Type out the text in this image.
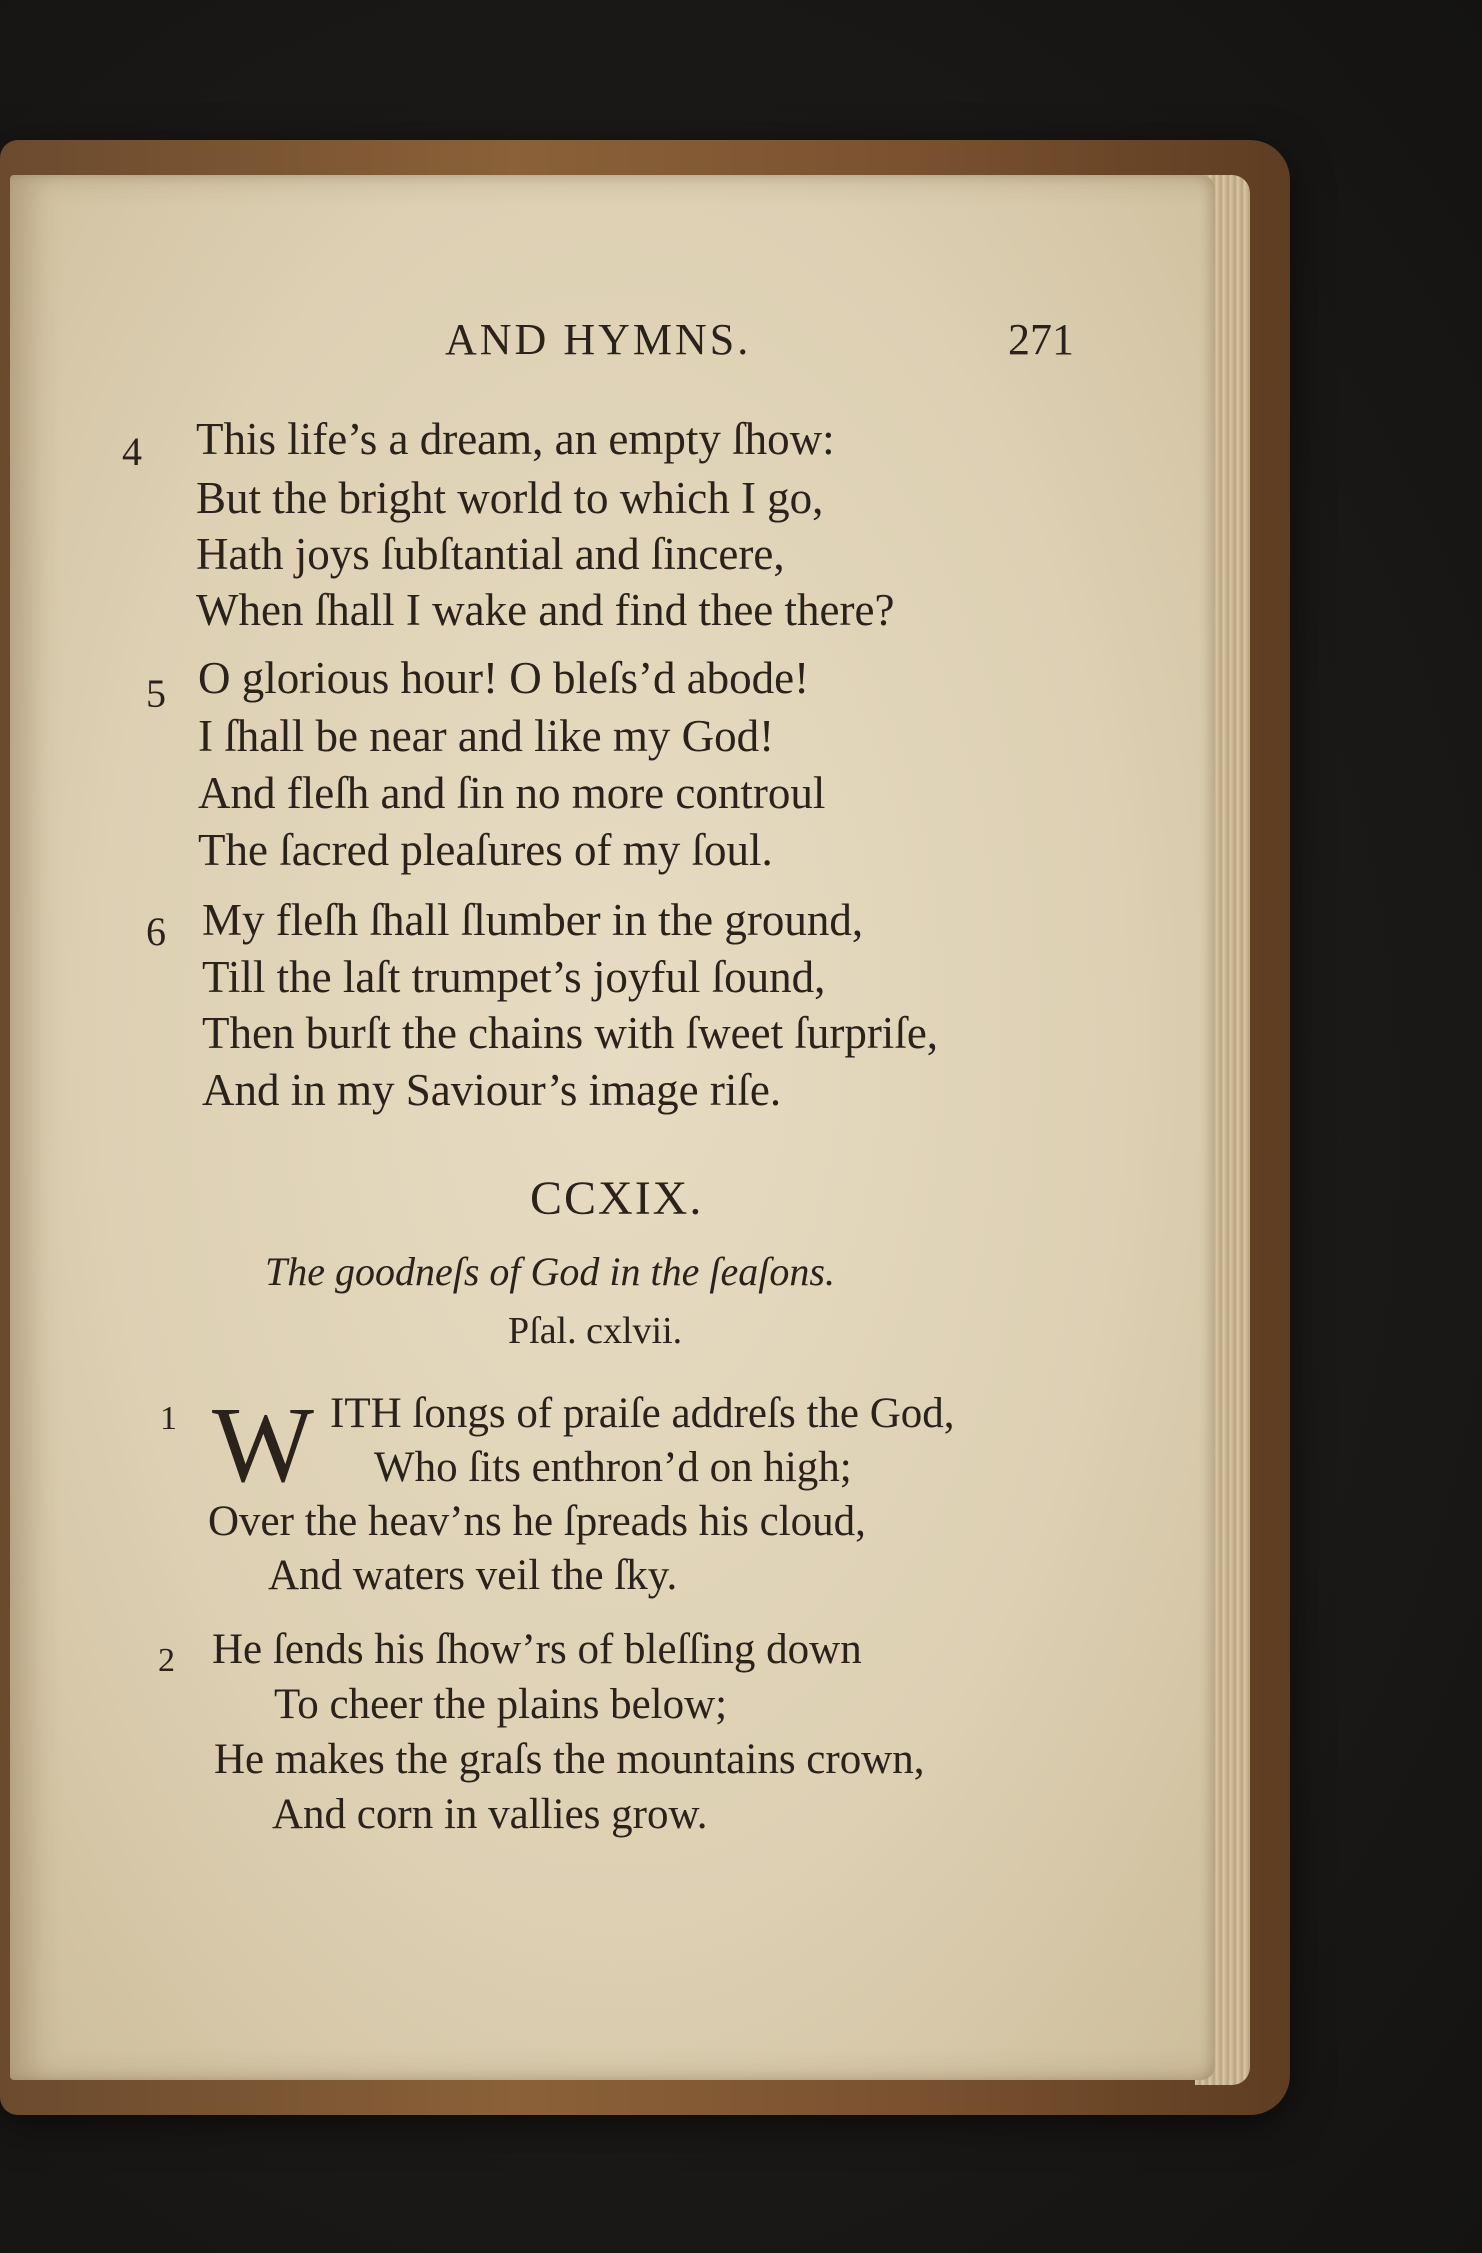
AND HYMNS.	271
4 This life’s a dream, an empty ſhow:
But the bright world to which I go,
Hath joys ſubſtantial and ſincere,
When ſhall I wake and find thee there?
5 O glorious hour! O bleſs’d abode!
I ſhall be near and like my God!
And fleſh and ſin no more controul
The ſacred pleaſures of my ſoul.
6 My fleſh ſhall ſlumber in the ground,
Till the laſt trumpet’s joyful ſound,
Then burſt the chains with ſweet ſurpriſe,
And in my Saviour’s image riſe.
CCXIX.
The goodneſs of God in the ſeaſons.
Pſal. cxlvii.
1 W ITH ſongs of praiſe addreſs the God,
Who ſits enthron’d on high;
Over the heav’ns he ſpreads his cloud,
And waters veil the ſky.
2 He ſends his ſhow’rs of bleſſing down
To cheer the plains below;
He makes the graſs the mountains crown,
And corn in vallies grow.
